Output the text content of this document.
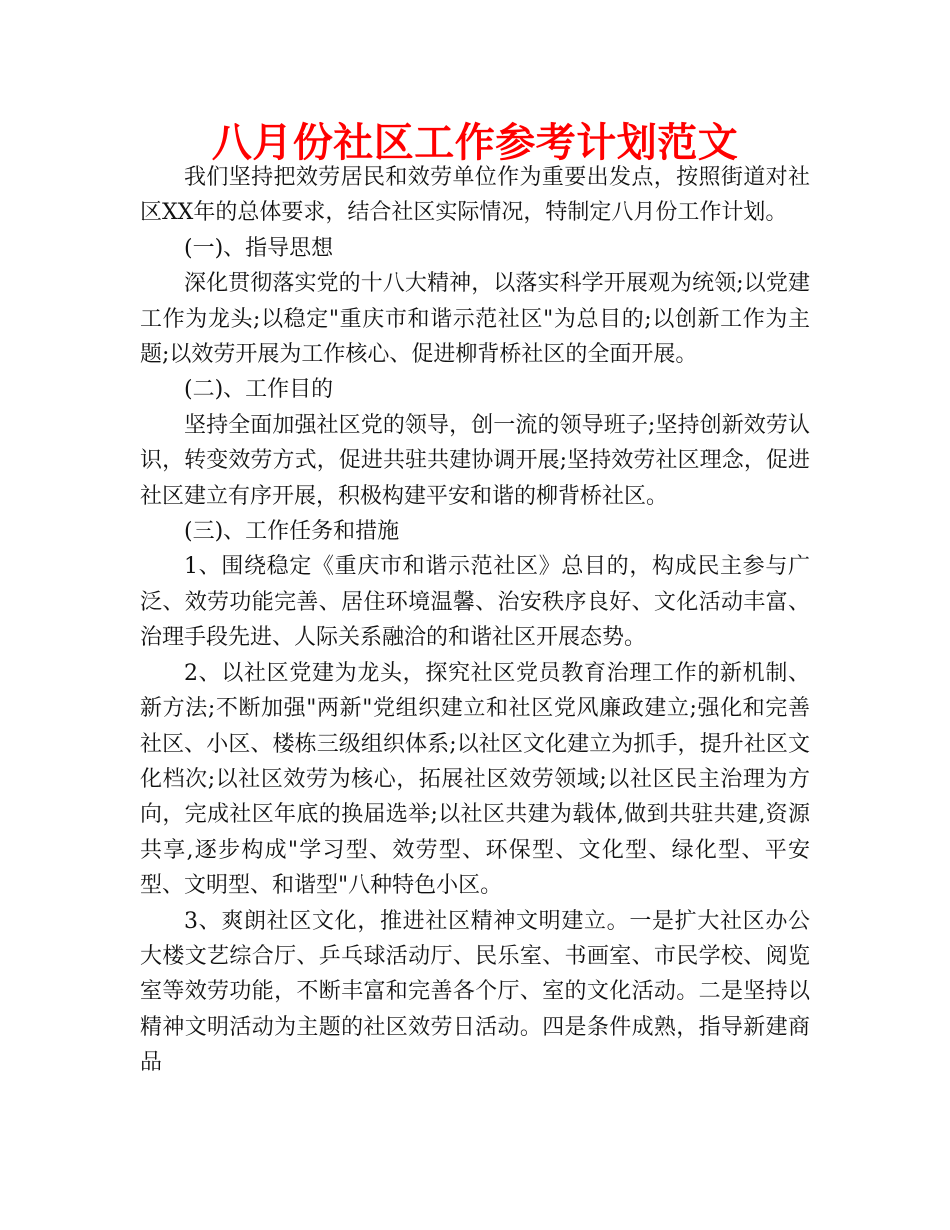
八月份社区工作参考计划范文

我们坚持把效劳居民和效劳单位作为重要出发点，按照街道对社区XX年的总体要求，结合社区实际情况，特制定八月份工作计划。

(一)、指导思想

深化贯彻落实党的十八大精神，以落实科学开展观为统领;以党建工作为龙头;以稳定"重庆市和谐示范社区"为总目的;以创新工作为主题;以效劳开展为工作核心、促进柳背桥社区的全面开展。

(二)、工作目的

坚持全面加强社区党的领导，创一流的领导班子;坚持创新效劳认识，转变效劳方式，促进共驻共建协调开展;坚持效劳社区理念，促进社区建立有序开展，积极构建平安和谐的柳背桥社区。

(三)、工作任务和措施

1、围绕稳定《重庆市和谐示范社区》总目的，构成民主参与广泛、效劳功能完善、居住环境温馨、治安秩序良好、文化活动丰富、治理手段先进、人际关系融洽的和谐社区开展态势。

2、以社区党建为龙头，探究社区党员教育治理工作的新机制、新方法;不断加强"两新"党组织建立和社区党风廉政建立;强化和完善社区、小区、楼栋三级组织体系;以社区文化建立为抓手，提升社区文化档次;以社区效劳为核心，拓展社区效劳领域;以社区民主治理为方向，完成社区年底的换届选举;以社区共建为载体,做到共驻共建,资源共享,逐步构成"学习型、效劳型、环保型、文化型、绿化型、平安型、文明型、和谐型"八种特色小区。

3、爽朗社区文化，推进社区精神文明建立。一是扩大社区办公大楼文艺综合厅、乒乓球活动厅、民乐室、书画室、市民学校、阅览室等效劳功能，不断丰富和完善各个厅、室的文化活动。二是坚持以精神文明活动为主题的社区效劳日活动。四是条件成熟，指导新建商品
